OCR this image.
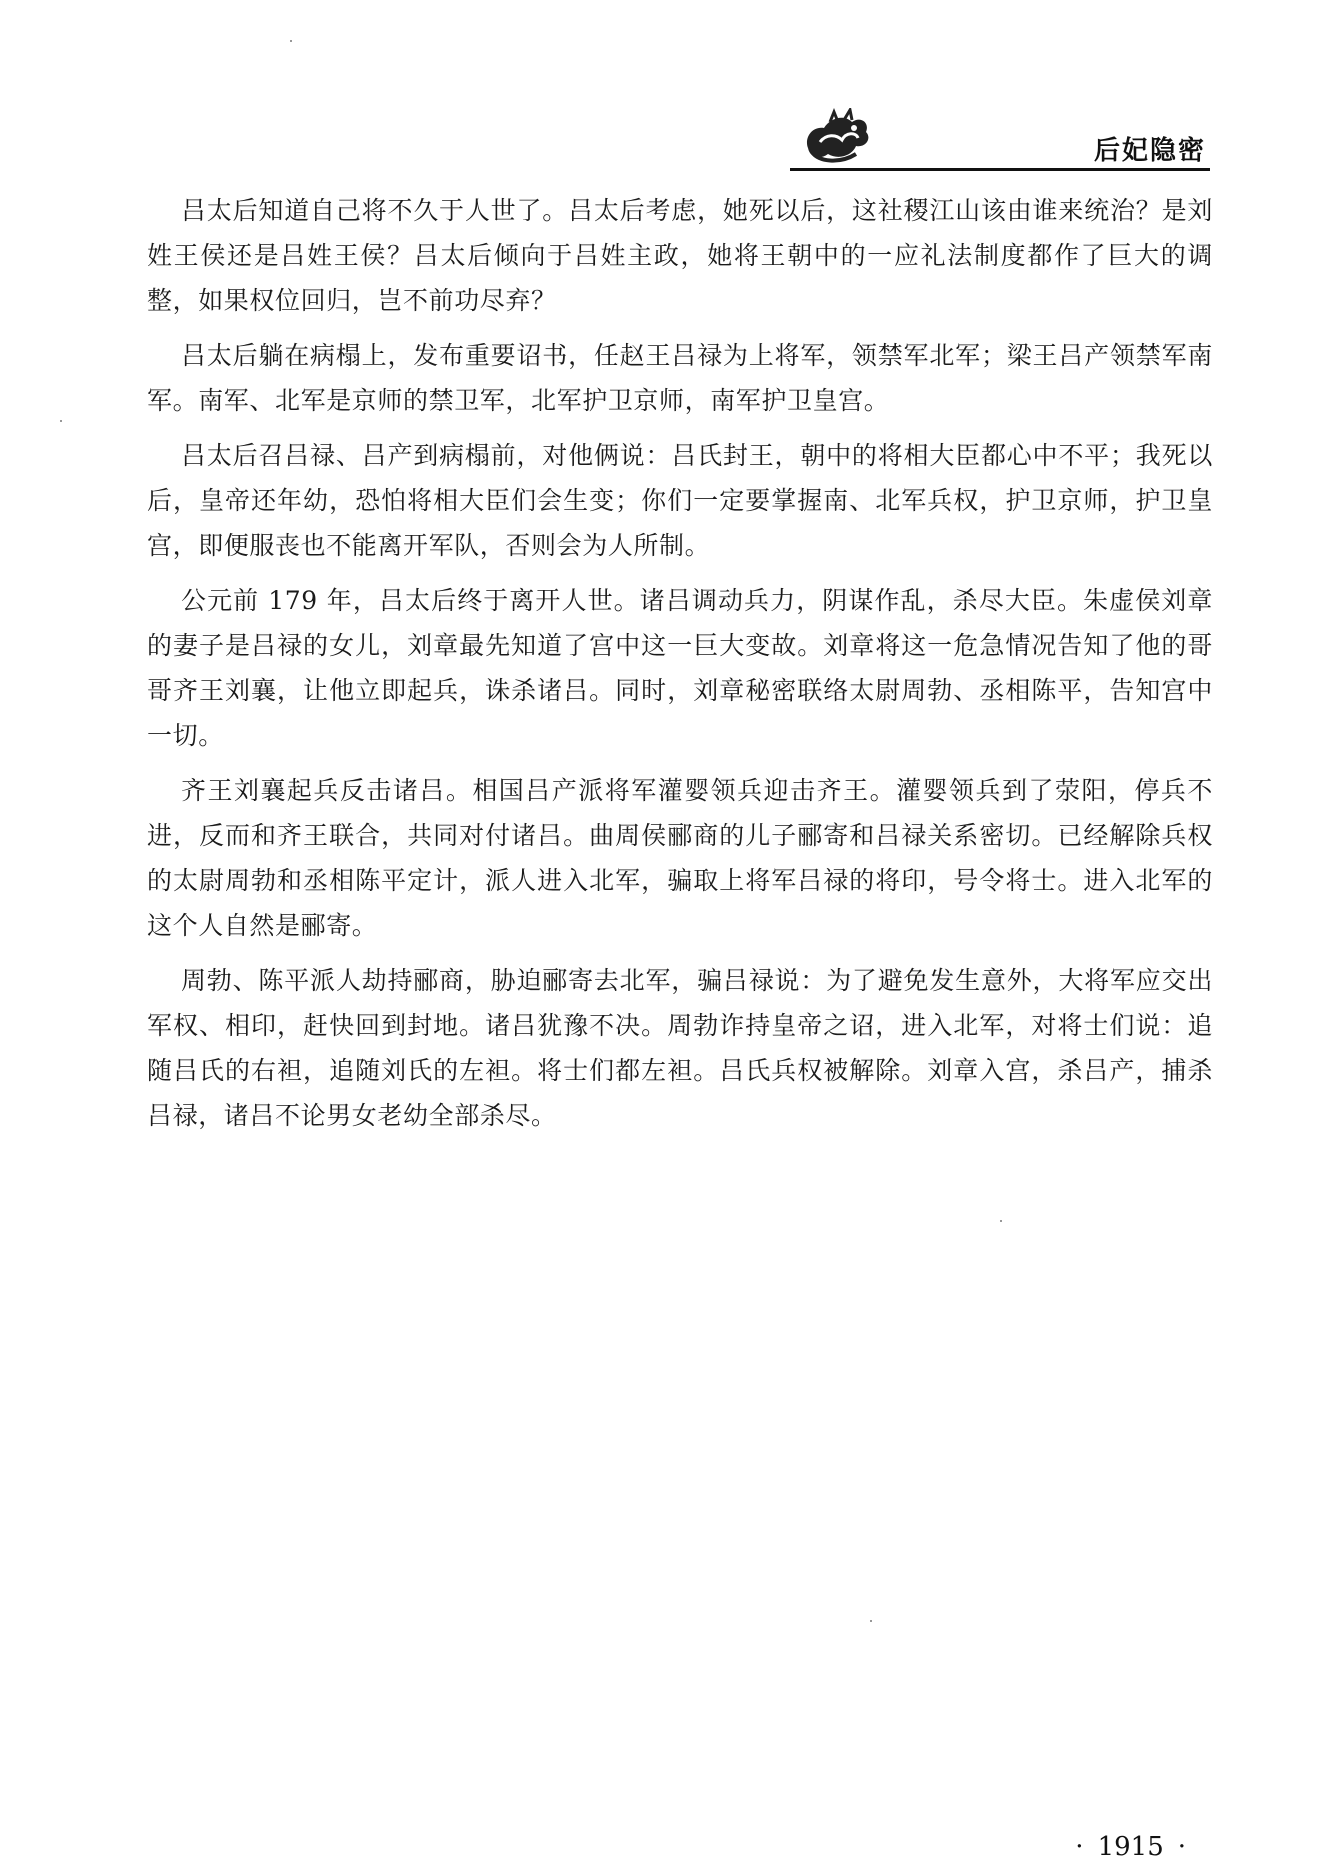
后妃隐密

吕太后知道自己将不久于人世了。吕太后考虑，她死以后，这社稷江山该由谁来统治？是刘姓王侯还是吕姓王侯？吕太后倾向于吕姓主政，她将王朝中的一应礼法制度都作了巨大的调整，如果权位回归，岂不前功尽弃？

吕太后躺在病榻上，发布重要诏书，任赵王吕禄为上将军，领禁军北军；梁王吕产领禁军南军。南军、北军是京师的禁卫军，北军护卫京师，南军护卫皇宫。

吕太后召吕禄、吕产到病榻前，对他俩说：吕氏封王，朝中的将相大臣都心中不平；我死以后，皇帝还年幼，恐怕将相大臣们会生变；你们一定要掌握南、北军兵权，护卫京师，护卫皇宫，即便服丧也不能离开军队，否则会为人所制。

公元前 179 年，吕太后终于离开人世。诸吕调动兵力，阴谋作乱，杀尽大臣。朱虚侯刘章的妻子是吕禄的女儿，刘章最先知道了宫中这一巨大变故。刘章将这一危急情况告知了他的哥哥齐王刘襄，让他立即起兵，诛杀诸吕。同时，刘章秘密联络太尉周勃、丞相陈平，告知宫中一切。

齐王刘襄起兵反击诸吕。相国吕产派将军灌婴领兵迎击齐王。灌婴领兵到了荥阳，停兵不进，反而和齐王联合，共同对付诸吕。曲周侯郦商的儿子郦寄和吕禄关系密切。已经解除兵权的太尉周勃和丞相陈平定计，派人进入北军，骗取上将军吕禄的将印，号令将士。进入北军的这个人自然是郦寄。

周勃、陈平派人劫持郦商，胁迫郦寄去北军，骗吕禄说：为了避免发生意外，大将军应交出军权、相印，赶快回到封地。诸吕犹豫不决。周勃诈持皇帝之诏，进入北军，对将士们说：追随吕氏的右袒，追随刘氏的左袒。将士们都左袒。吕氏兵权被解除。刘章入宫，杀吕产，捕杀吕禄，诸吕不论男女老幼全部杀尽。

· 1915 ·
